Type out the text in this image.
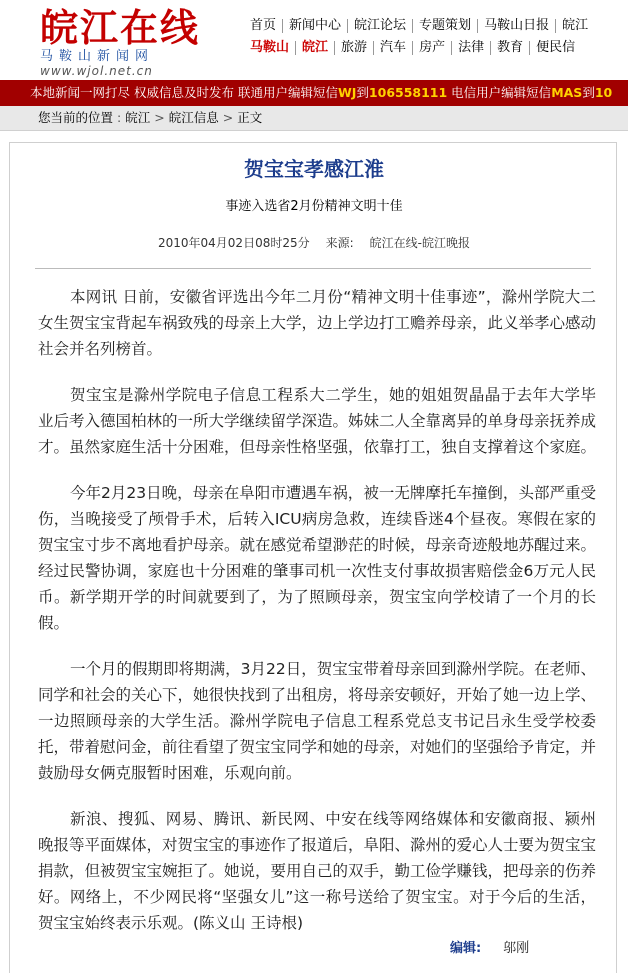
皖江在线
马鞍山新闻网
www.wjol.net.cn
首页 新闻中心 皖江论坛 专题策划 马鞍山日报 皖江
马鞍山 皖江 旅游 汽车 房产 法律 教育 便民信
本地新闻一网打尽 权威信息及时发布 联通用户编辑短信WJ到106558111 电信用户编辑短信MAS到10
您当前的位置 : 皖江 > 皖江信息 > 正文
贺宝宝孝感江淮
事迹入选省2月份精神文明十佳
2010年04月02日08时25分 来源: 皖江在线-皖江晚报

本网讯 日前，安徽省评选出今年二月份“精神文明十佳事迹”，滁州学院大二女生贺宝宝背起车祸致残的母亲上大学，边上学边打工赡养母亲，此义举孝心感动社会并名列榜首。

贺宝宝是滁州学院电子信息工程系大二学生，她的姐姐贺晶晶于去年大学毕业后考入德国柏林的一所大学继续留学深造。姊妹二人全靠离异的单身母亲抚养成才。虽然家庭生活十分困难，但母亲性格坚强，依靠打工，独自支撑着这个家庭。

今年2月23日晚，母亲在阜阳市遭遇车祸，被一无牌摩托车撞倒，头部严重受伤，当晚接受了颅骨手术，后转入ICU病房急救，连续昏迷4个昼夜。寒假在家的贺宝宝寸步不离地看护母亲。就在感觉希望渺茫的时候，母亲奇迹般地苏醒过来。经过民警协调，家庭也十分困难的肇事司机一次性支付事故损害赔偿金6万元人民币。新学期开学的时间就要到了，为了照顾母亲，贺宝宝向学校请了一个月的长假。

一个月的假期即将期满，3月22日，贺宝宝带着母亲回到滁州学院。在老师、同学和社会的关心下，她很快找到了出租房，将母亲安顿好，开始了她一边上学、一边照顾母亲的大学生活。滁州学院电子信息工程系党总支书记吕永生受学校委托，带着慰问金，前往看望了贺宝宝同学和她的母亲，对她们的坚强给予肯定，并鼓励母女俩克服暂时困难，乐观向前。

新浪、搜狐、网易、腾讯、新民网、中安在线等网络媒体和安徽商报、颍州晚报等平面媒体，对贺宝宝的事迹作了报道后，阜阳、滁州的爱心人士要为贺宝宝捐款，但被贺宝宝婉拒了。她说，要用自己的双手，勤工俭学赚钱，把母亲的伤养好。网络上，不少网民将“坚强女儿”这一称号送给了贺宝宝。对于今后的生活，贺宝宝始终表示乐观。(陈义山 王诗根)

编辑: 邬刚
